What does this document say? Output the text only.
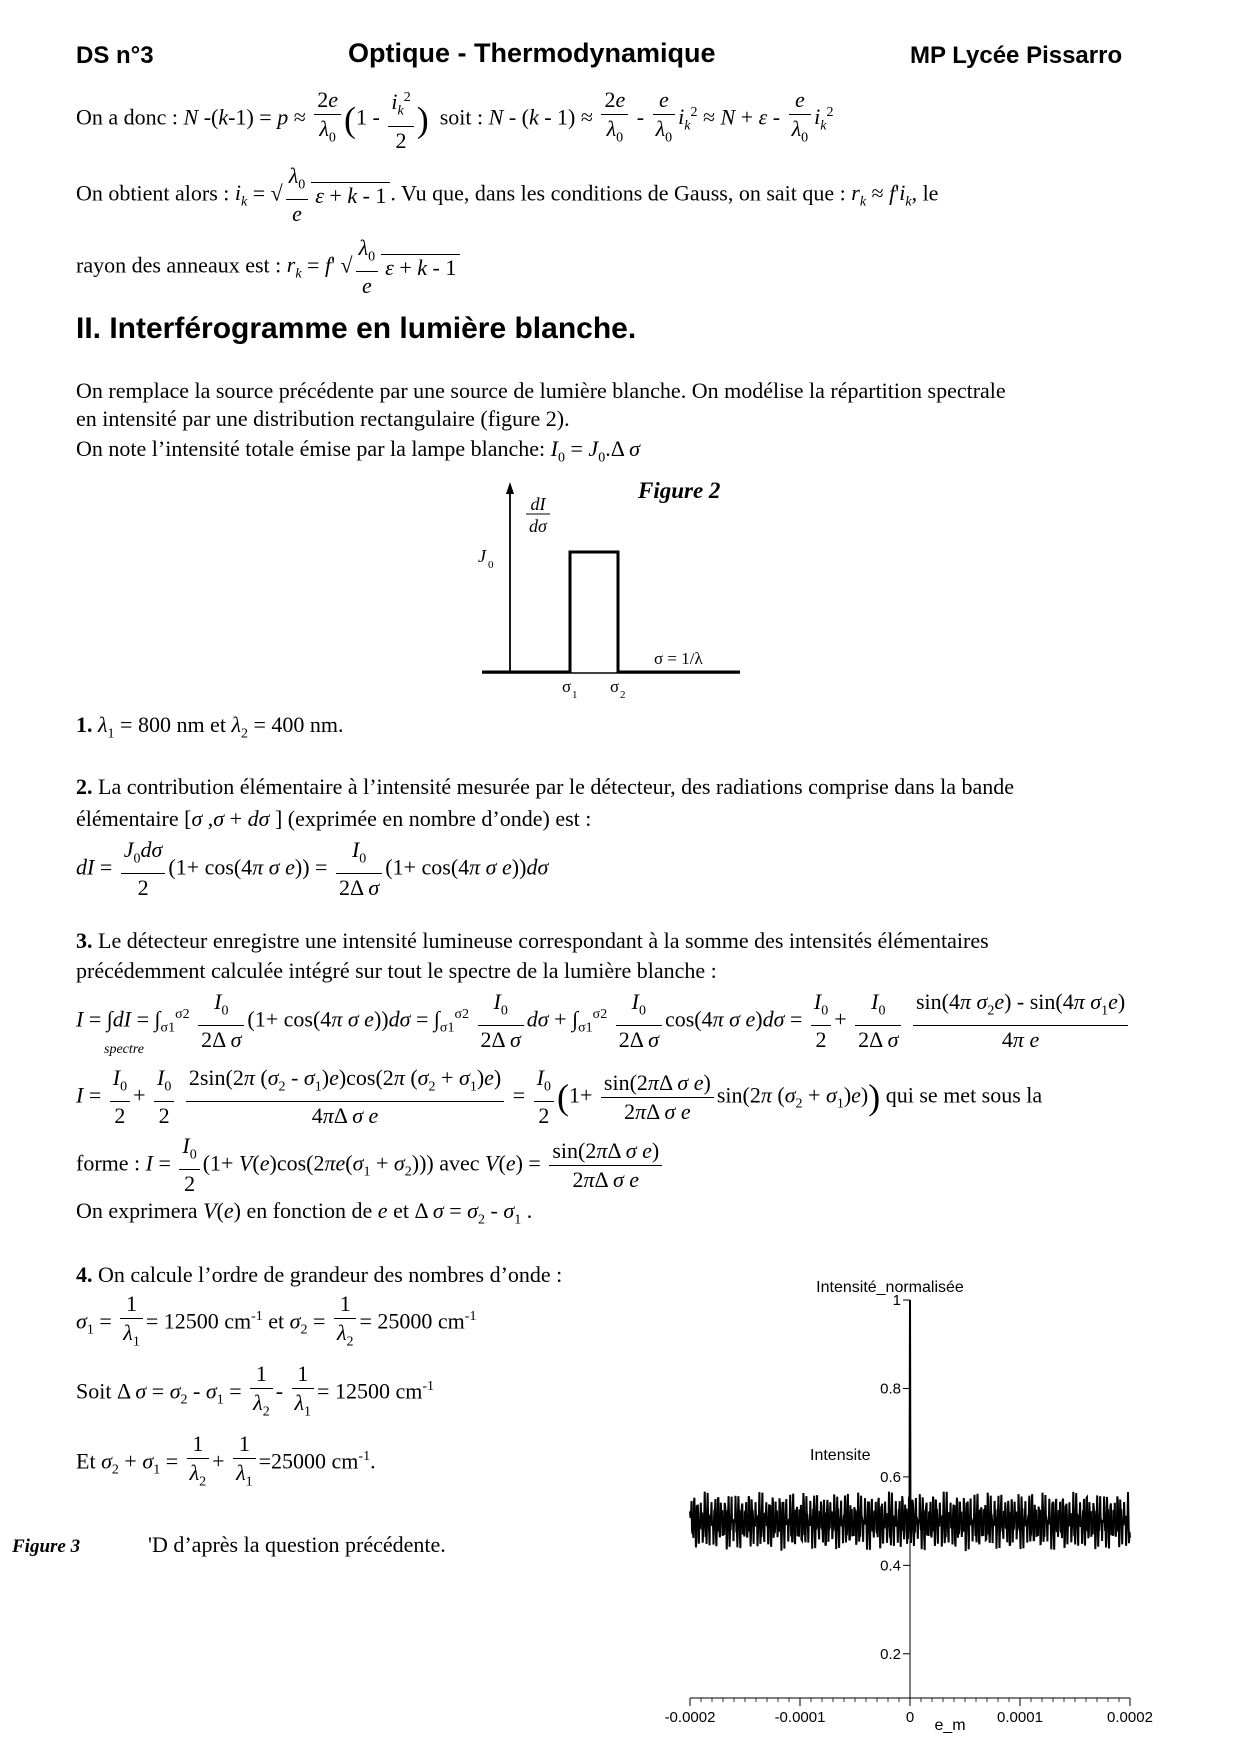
DS n°3	Optique - Thermodynamique	MP Lycée Pissarro
On a donc : N $-(k-1) = p \approx \frac{2e}{\lambda_0} (1 - \frac{i_k^2}{2}$ ) soit : $N - (k - 1) \approx \frac{2e}{\lambda_0} - \frac{e}{\lambda_0} i_k^2 \approx N + \varepsilon - \frac{e}{\lambda_0} i_k^2$
On obtient alors : $i_k$ = √ $\frac{\lambda_0}{e}$ ε + k - 1 . Vu que, dans les conditions de Gauss, on sait que : $r_k \approx f'i_k$, le
rayon des anneaux est : $r_k = f'$ √ $\frac{\lambda_0}{e}$ ε + k - 1
II. Interférogramme en lumière blanche.
On remplace la source précédente par une source de lumière blanche. On modélise la répartition spectrale
en intensité par une distribution rectangulaire (figure 2).
On note l’intensité totale émise par la lampe blanche: $I_0 = J_0.\Delta$ σ
Figure 2
dI
dσ
J 0
σ = 1/λ
σ 1 σ 2
1. $\lambda_1 = 800$ nm et $\lambda_2 = 400$ nm.
2. La contribution élémentaire à l’intensité mesurée par le détecteur, des radiations comprise dans la bande
élémentaire [σ ,σ + dσ ] (exprimée en nombre d’onde) est :
dI = $\frac{J_0d\sigma}{2} (1+ \cos(4\pi$ σ $e)) = \frac{I_0}{\text{2Δ σ}} (1+ \cos(4\pi$ σ e))dσ
3. Le détecteur enregistre une intensité lumineuse correspondant à la somme des intensités élémentaires
précédemment calculée intégré sur tout le spectre de la lumière blanche :
$I = \int dI = \int_{\sigma 1}^{\sigma 2} \frac{I_0}{\text{2Δ σ}} (1+ \cos(4\pi$ σ $e))d\sigma = \int_{\sigma 1}^{\sigma 2} \frac{I_0}{\text{2Δ σ}}$ $d\sigma + \int_{\sigma 1}^{\sigma 2} \frac{I_0}{\text{2Δ σ}} \cos(4\pi$ σ $e)d\sigma = \frac{I_0}{2} + \frac{I_0}{\text{2Δ σ}}$
$\frac{\sin(4\pi \sigma_2e) - \sin(4\pi \sigma_1e)}{\text{4π e}}$
spectre
$I = \frac{I_0}{2} + \frac{I_0}{2}$
$\frac{2\sin(2\pi (\sigma_2 - \sigma_1)e)\cos(2\pi (\sigma_2 + \sigma_1)e)}{\text{4πΔ σ e}} = \frac{I_0}{2} (1+ \frac{\text{sin(2πΔ σ e)}}{\text{2πΔ σ e}} \sin(2\pi$ $(\sigma_2 + \sigma_1)e$)) qui se met sous la
forme : $I = \frac{I_0}{2} (1+ V(e)\cos(2\pi e(\sigma_1 + \sigma_2)))$ avec $V(e) = \frac{\text{sin(2πΔ σ e)}}{\text{2πΔ σ e}}$
On exprimera V(e) en fonction de e et Δ $\sigma = \sigma_2 - \sigma_1$ .
4. On calcule l’ordre de grandeur des nombres d’onde :
$\sigma_1 = \frac{1}{\lambda_1} = 12500$ $cm^{-1}$ et $\sigma_2 = \frac{1}{\lambda_2} = 25000$ $cm^{-1}$
Soit Δ $\sigma = \sigma_2 - \sigma_1 = \frac{1}{\lambda_2} - \frac{1}{\lambda_1} = 12500$ $cm^{-1}$
Et $\sigma_2 + \sigma_1 = \frac{1}{\lambda_2} + \frac{1}{\lambda_1} =25000$ $cm^{-1}$.
Figure 3	'D d’après la question précédente.
Intensité_normalisée
-0.0002	-0.0001	0	0.0001	0.0002
0.2
0.4
0.6
0.8
1
Intensite
e_m
